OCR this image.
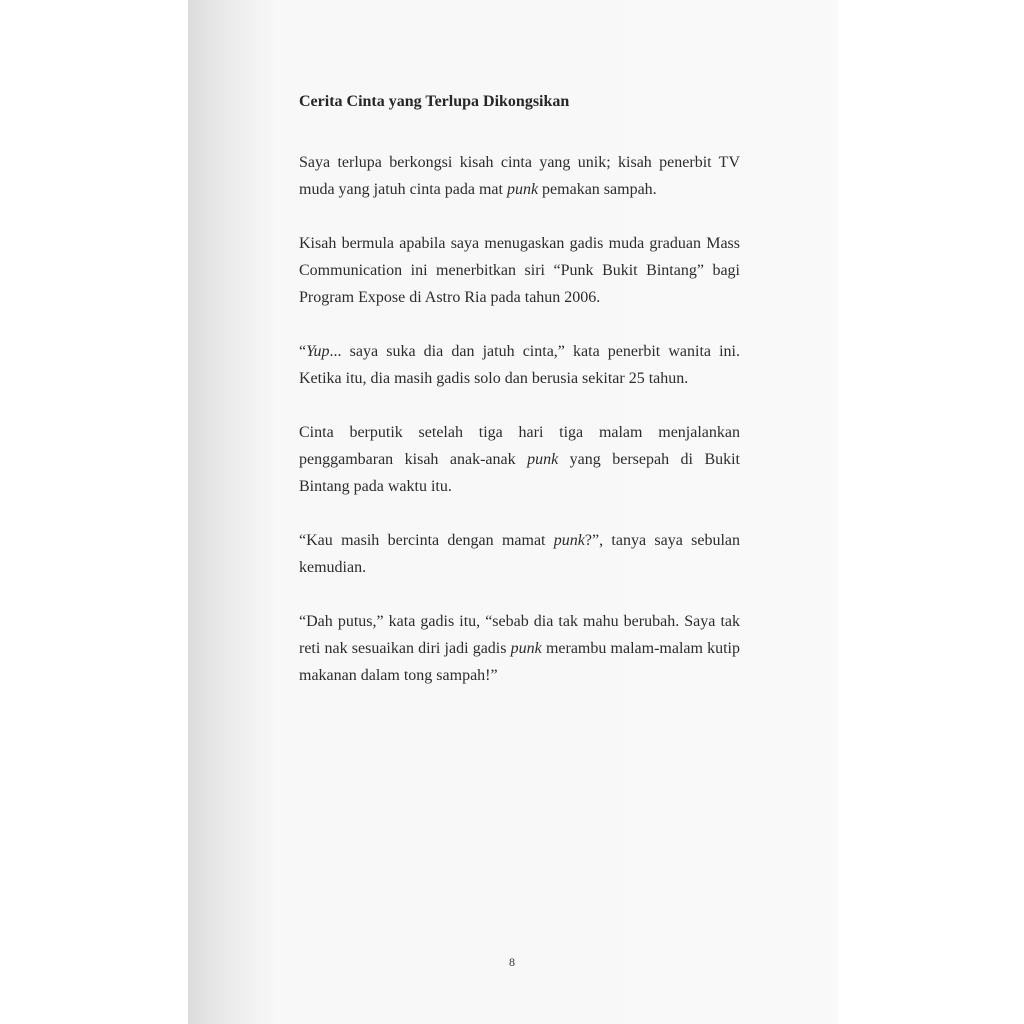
Cerita Cinta yang Terlupa Dikongsikan

Saya terlupa berkongsi kisah cinta yang unik; kisah penerbit TV muda yang jatuh cinta pada mat punk pemakan sampah.

Kisah bermula apabila saya menugaskan gadis muda graduan Mass Communication ini menerbitkan siri “Punk Bukit Bintang” bagi Program Expose di Astro Ria pada tahun 2006.

“Yup... saya suka dia dan jatuh cinta,” kata penerbit wanita ini. Ketika itu, dia masih gadis solo dan berusia sekitar 25 tahun.

Cinta berputik setelah tiga hari tiga malam menjalankan penggambaran kisah anak-anak punk yang bersepah di Bukit Bintang pada waktu itu.

“Kau masih bercinta dengan mamat punk?”, tanya saya sebulan kemudian.

“Dah putus,” kata gadis itu, “sebab dia tak mahu berubah. Saya tak reti nak sesuaikan diri jadi gadis punk merambu malam-malam kutip makanan dalam tong sampah!”

8
